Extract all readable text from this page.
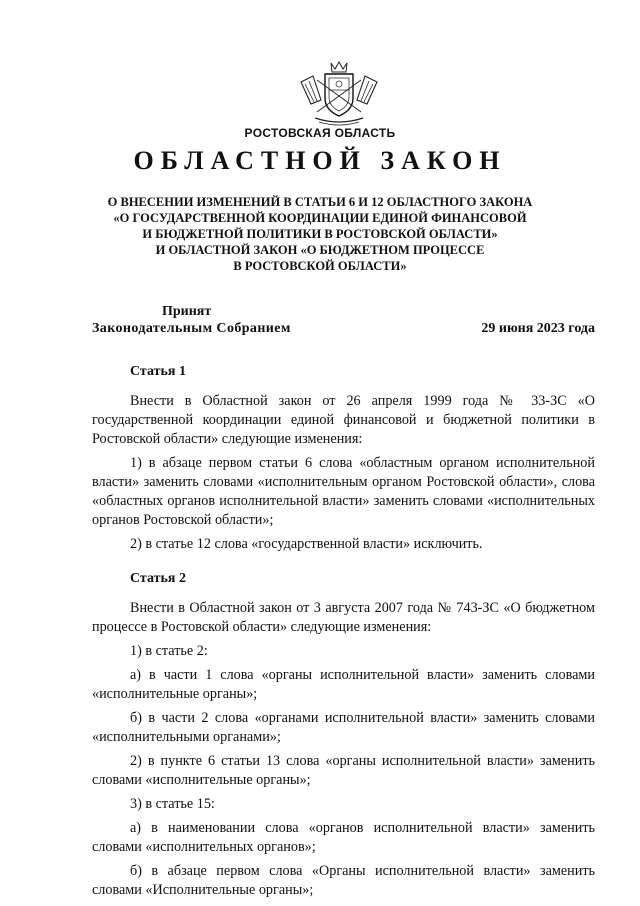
РОСТОВСКАЯ ОБЛАСТЬ
ОБЛАСТНОЙ ЗАКОН
О ВНЕСЕНИИ ИЗМЕНЕНИЙ В СТАТЬИ 6 И 12 ОБЛАСТНОГО ЗАКОНА
«О ГОСУДАРСТВЕННОЙ КООРДИНАЦИИ ЕДИНОЙ ФИНАНСОВОЙ
И БЮДЖЕТНОЙ ПОЛИТИКИ В РОСТОВСКОЙ ОБЛАСТИ»
И ОБЛАСТНОЙ ЗАКОН «О БЮДЖЕТНОМ ПРОЦЕССЕ
В РОСТОВСКОЙ ОБЛАСТИ»
Принят
Законодательным Собранием	29 июня 2023 года
Статья 1

Внести в Областной закон от 26 апреля 1999 года № 33-ЗС «О государственной координации единой финансовой и бюджетной политики в Ростовской области» следующие изменения:

1) в абзаце первом статьи 6 слова «областным органом исполнительной власти» заменить словами «исполнительным органом Ростовской области», слова «областных органов исполнительной власти» заменить словами «исполнительных органов Ростовской области»;

2) в статье 12 слова «государственной власти» исключить.

Статья 2

Внести в Областной закон от 3 августа 2007 года № 743-ЗС «О бюджетном процессе в Ростовской области» следующие изменения:

1) в статье 2:

а) в части 1 слова «органы исполнительной власти» заменить словами «исполнительные органы»;

б) в части 2 слова «органами исполнительной власти» заменить словами «исполнительными органами»;

2) в пункте 6 статьи 13 слова «органы исполнительной власти» заменить словами «исполнительные органы»;

3) в статье 15:

а) в наименовании слова «органов исполнительной власти» заменить словами «исполнительных органов»;

б) в абзаце первом слова «Органы исполнительной власти» заменить словами «Исполнительные органы»;
